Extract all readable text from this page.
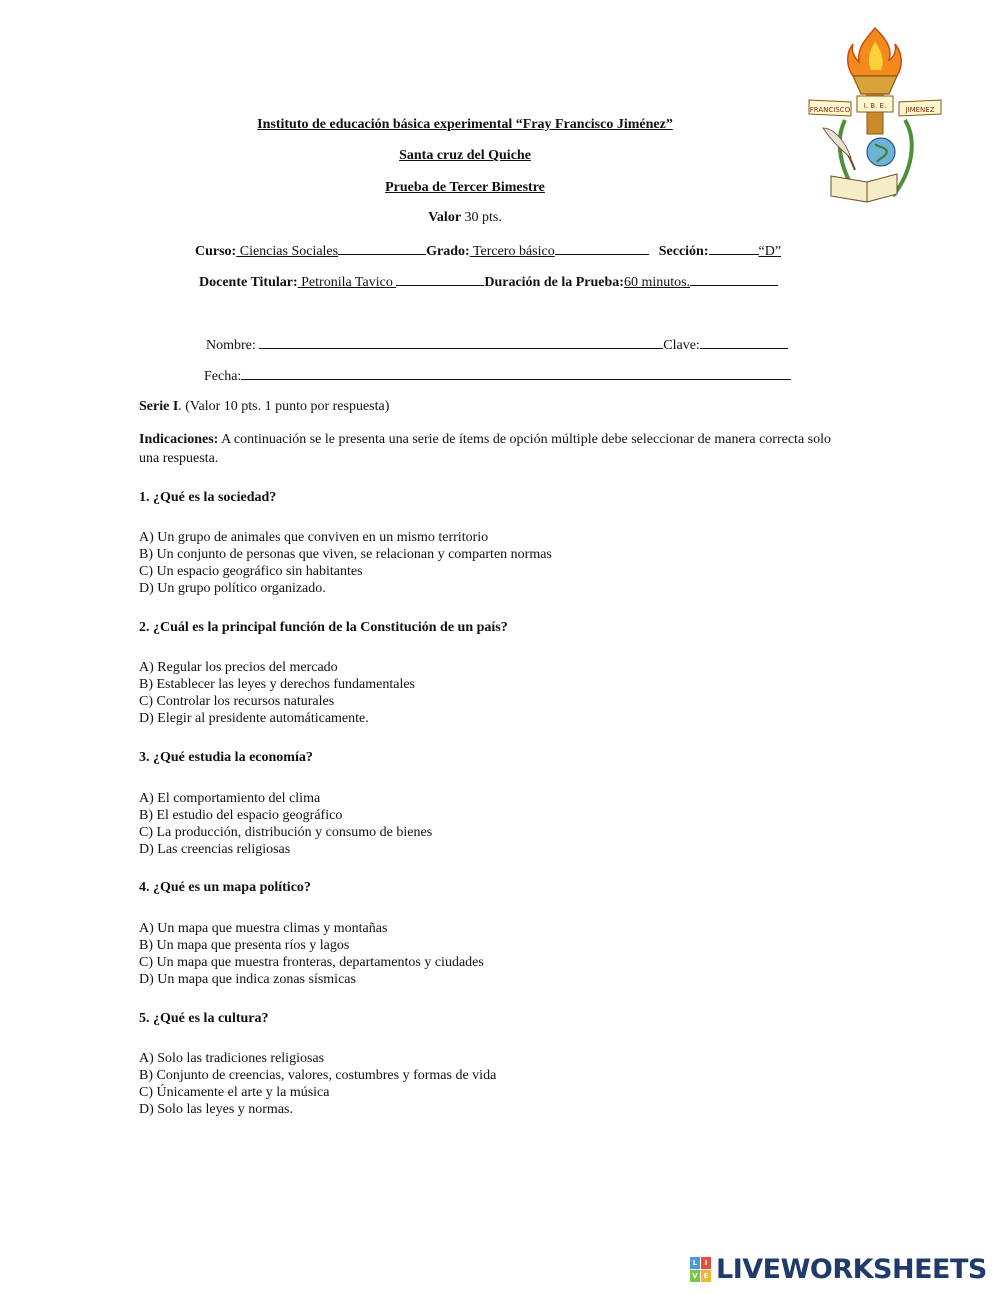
FRANCISCO I. B. E.	JIMENEZ
Instituto de educación básica experimental “Fray Francisco Jiménez”
Santa cruz del Quiche
Prueba de Tercer Bimestre
Valor 30 pts.
Curso: Ciencias Sociales	Grado: Tercero básico	Sección:	“D”
Docente Titular: Petronila Tavico	Duración de la Prueba:60 minutos.
Nombre:	Clave:
Fecha:
Serie I. (Valor 10 pts. 1 punto por respuesta)
Indicaciones: A continuación se le presenta una serie de ítems de opción múltiple debe seleccionar de manera correcta solo
una respuesta.
1. ¿Qué es la sociedad?
A) Un grupo de animales que conviven en un mismo territorio
B) Un conjunto de personas que viven, se relacionan y comparten normas
C) Un espacio geográfico sin habitantes
D) Un grupo político organizado.
2. ¿Cuál es la principal función de la Constitución de un país?
A) Regular los precios del mercado
B) Establecer las leyes y derechos fundamentales
C) Controlar los recursos naturales
D) Elegir al presidente automáticamente.
3. ¿Qué estudia la economía?
A) El comportamiento del clima
B) El estudio del espacio geográfico
C) La producción, distribución y consumo de bienes
D) Las creencias religiosas
4. ¿Qué es un mapa político?
A) Un mapa que muestra climas y montañas
B) Un mapa que presenta ríos y lagos
C) Un mapa que muestra fronteras, departamentos y ciudades
D) Un mapa que indica zonas sísmicas
5. ¿Qué es la cultura?
A) Solo las tradiciones religiosas
B) Conjunto de creencias, valores, costumbres y formas de vida
C) Únicamente el arte y la música
D) Solo las leyes y normas.
L	I
V E LIVEWORKSHEETS
